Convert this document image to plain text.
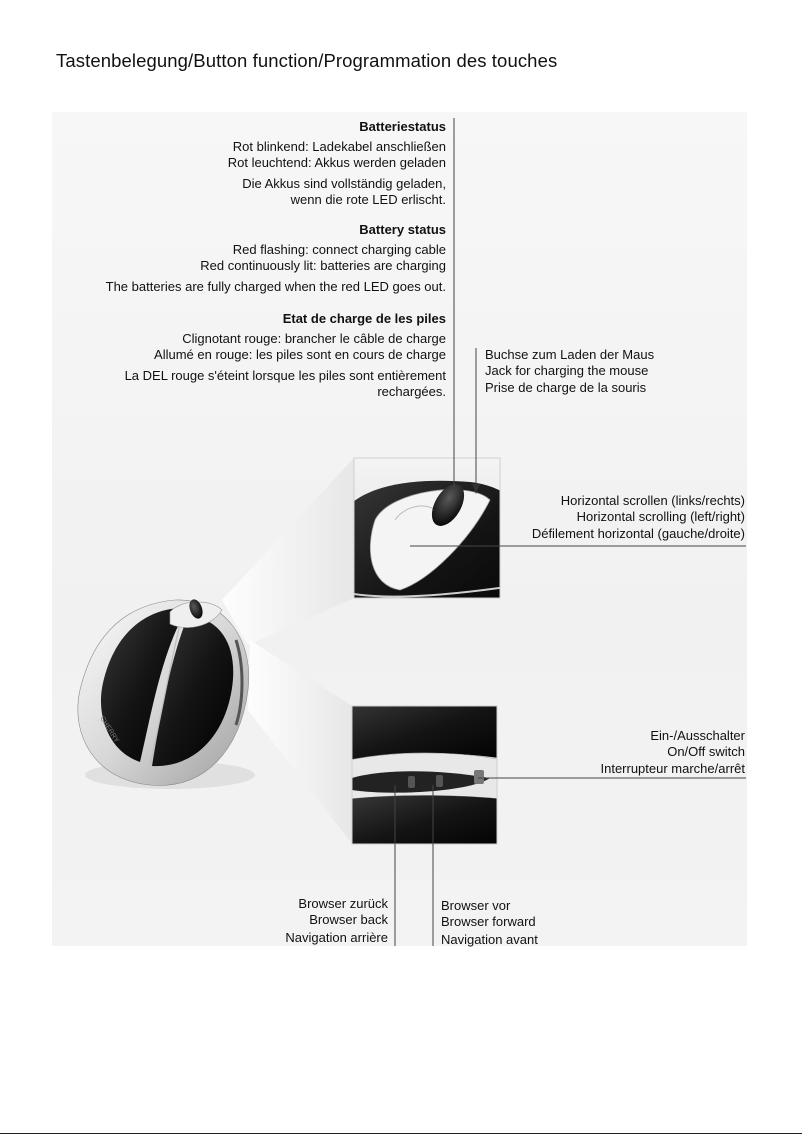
Tastenbelegung/Button function/Programmation des touches
Batteriestatus
Rot blinkend: Ladekabel anschließen
Rot leuchtend: Akkus werden geladen
Die Akkus sind vollständig geladen,
wenn die rote LED erlischt.
Battery status
Red flashing: connect charging cable
Red continuously lit: batteries are charging
The batteries are fully charged when the red LED goes out.
Etat de charge de les piles
Clignotant rouge: brancher le câble de charge
Allumé en rouge: les piles sont en cours de charge
La DEL rouge s'éteint lorsque les piles sont entièrement
rechargées.
Buchse zum Laden der Maus
Jack for charging the mouse
Prise de charge de la souris
Horizontal scrollen (links/rechts)
Horizontal scrolling (left/right)
Défilement horizontal (gauche/droite)
Ein-/Ausschalter
On/Off switch
Interrupteur marche/arrêt
Browser zurück
Browser back
Navigation arrière
Browser vor
Browser forward
Navigation avant
CHERRY
